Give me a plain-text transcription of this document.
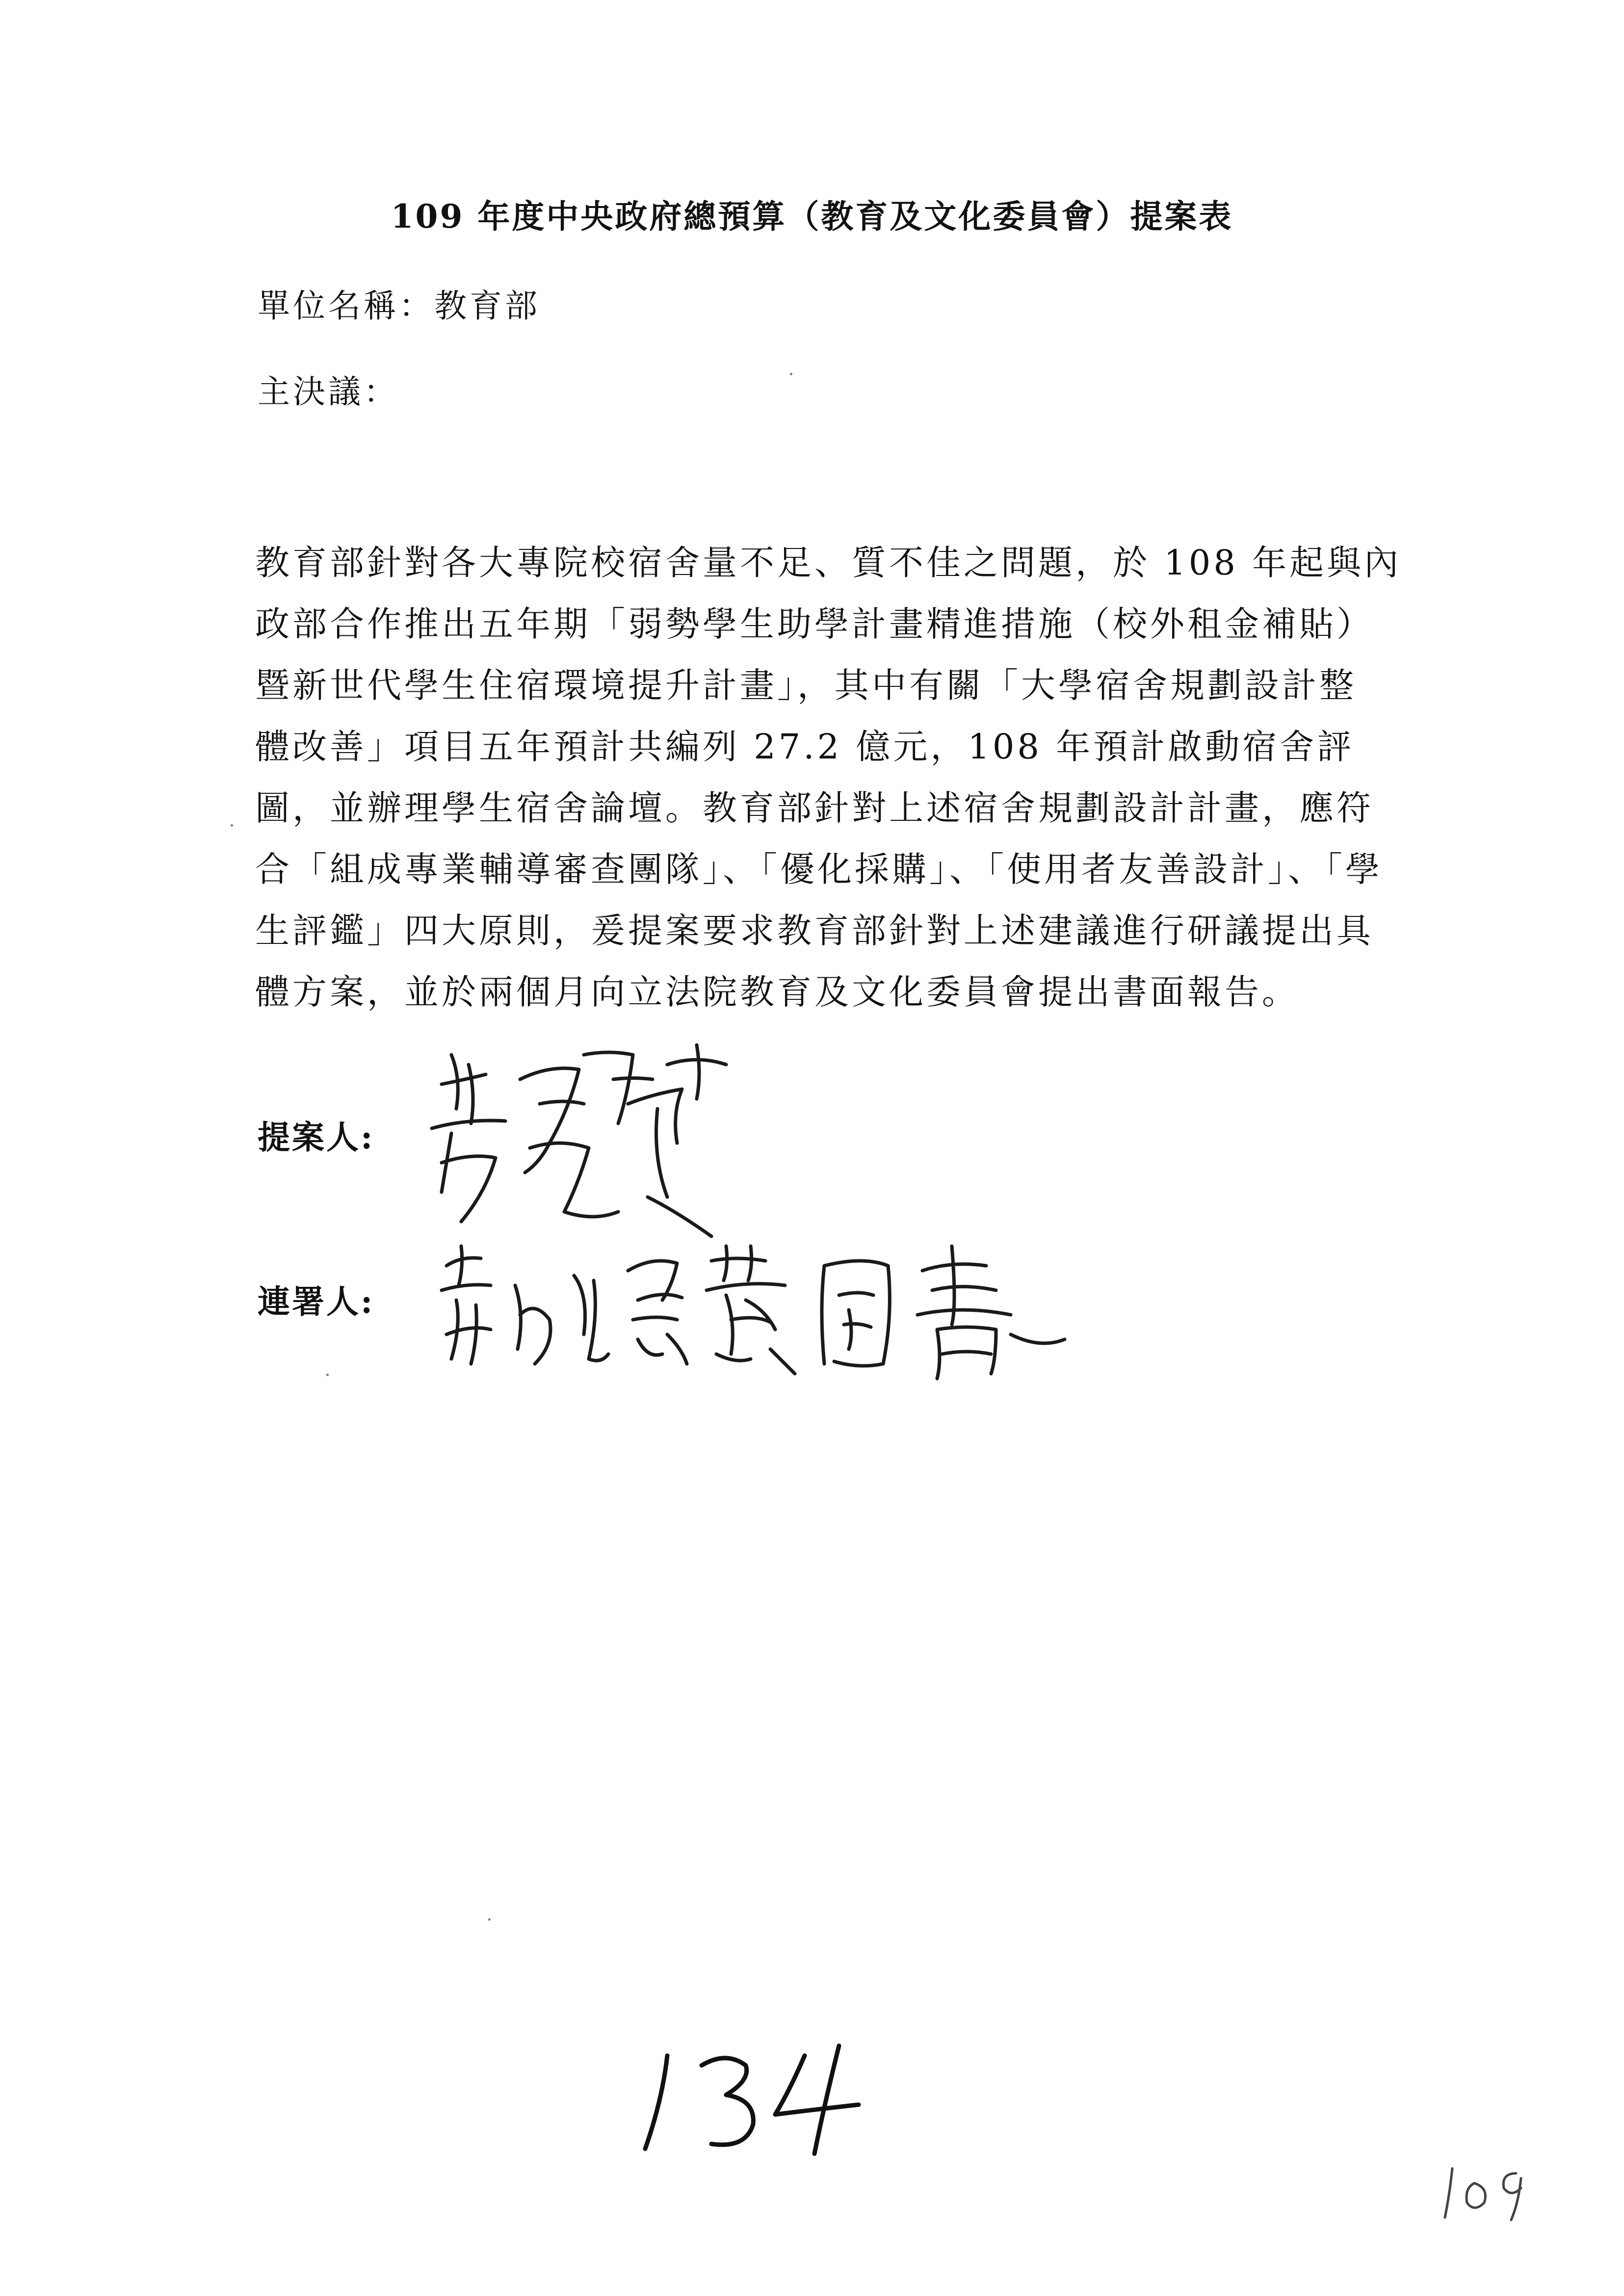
109 年度中央政府總預算（教育及文化委員會）提案表
單位名稱：教育部
主決議：
教育部針對各大專院校宿舍量不足、質不佳之問題，於 108 年起與內
政部合作推出五年期「弱勢學生助學計畫精進措施（校外租金補貼）
暨新世代學生住宿環境提升計畫」，其中有關「大學宿舍規劃設計整
體改善」項目五年預計共編列 27.2 億元，108 年預計啟動宿舍評
圖，並辦理學生宿舍論壇。教育部針對上述宿舍規劃設計計畫，應符
合「組成專業輔導審查團隊」、「優化採購」、「使用者友善設計」、「學
生評鑑」四大原則，爰提案要求教育部針對上述建議進行研議提出具
體方案，並於兩個月向立法院教育及文化委員會提出書面報告。
提案人:
連署人:
